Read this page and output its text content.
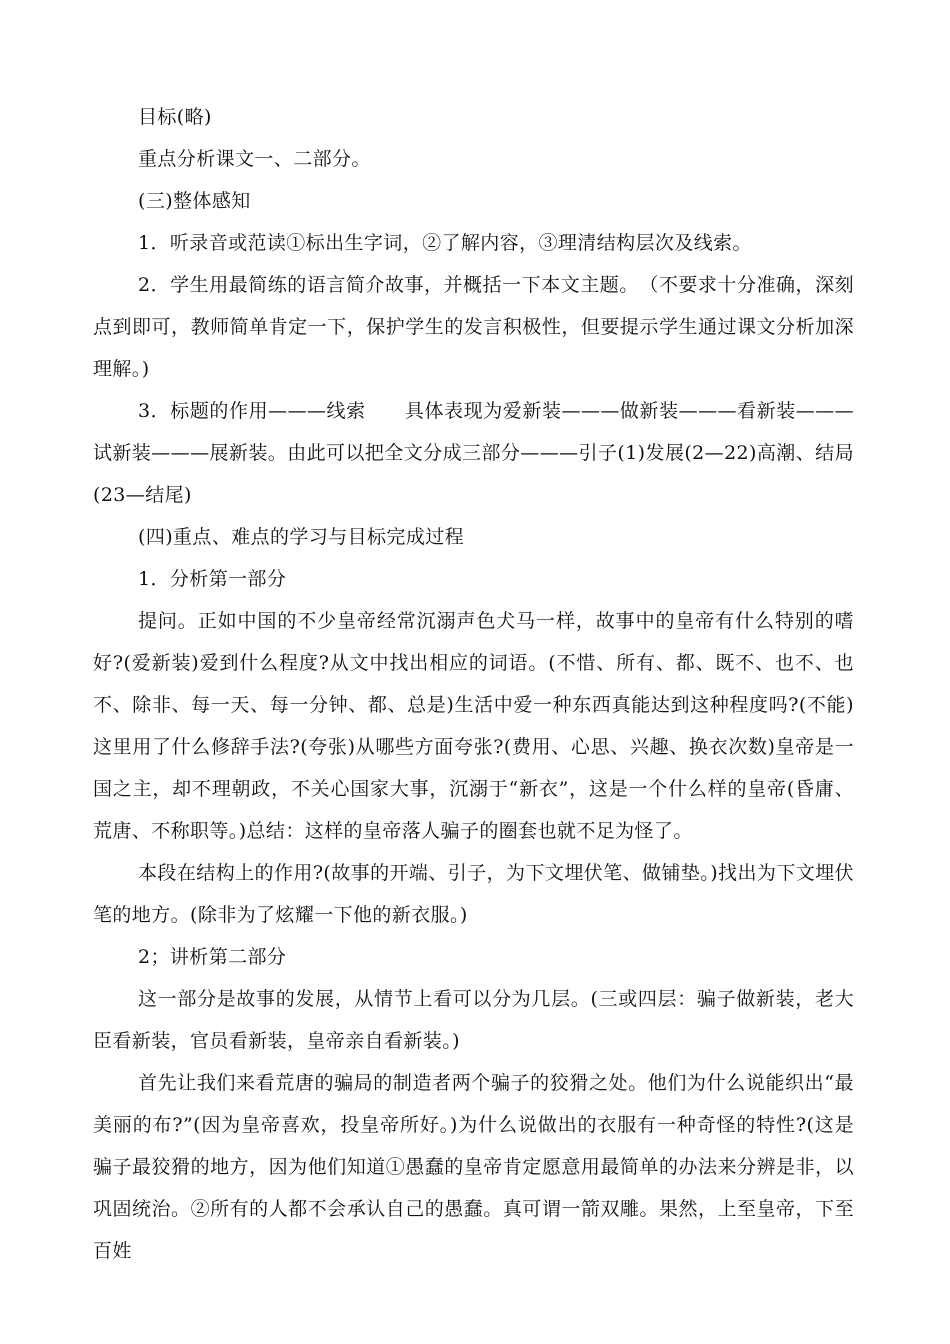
目标(略)

重点分析课文一、二部分。

(三)整体感知

1．听录音或范读①标出生字词，②了解内容，③理清结构层次及线索。

2．学生用最简练的语言简介故事，并概括一下本文主题。　（不要求十分准确，深刻点到即可，教师简单肯定一下，保护学生的发言积极性，但要提示学生通过课文分析加深理解。)

3．标题的作用———线索　　具体表现为爱新装———做新装———看新装———试新装———展新装。由此可以把全文分成三部分———引子(1)发展(2—22)高潮、结局(23—结尾)

(四)重点、难点的学习与目标完成过程

1．分析第一部分

提问。正如中国的不少皇帝经常沉溺声色犬马一样，故事中的皇帝有什么特别的嗜好?(爱新装)爱到什么程度?从文中找出相应的词语。(不惜、所有、都、既不、也不、也不、除非、每一天、每一分钟、都、总是)生活中爱一种东西真能达到这种程度吗?(不能)这里用了什么修辞手法?(夸张)从哪些方面夸张?(费用、心思、兴趣、换衣次数)皇帝是一国之主，却不理朝政，不关心国家大事，沉溺于“新衣”，这是一个什么样的皇帝(昏庸、荒唐、不称职等。)总结：这样的皇帝落人骗子的圈套也就不足为怪了。

本段在结构上的作用?(故事的开端、引子，为下文埋伏笔、做铺垫。)找出为下文埋伏笔的地方。(除非为了炫耀一下他的新衣服。)

2；讲析第二部分

这一部分是故事的发展，从情节上看可以分为几层。(三或四层：骗子做新装，老大臣看新装，官员看新装，皇帝亲自看新装。)

首先让我们来看荒唐的骗局的制造者两个骗子的狡猾之处。他们为什么说能织出“最美丽的布?”(因为皇帝喜欢，投皇帝所好。)为什么说做出的衣服有一种奇怪的特性?(这是骗子最狡猾的地方，因为他们知道①愚蠢的皇帝肯定愿意用最简单的办法来分辨是非，以巩固统治。②所有的人都不会承认自己的愚蠢。真可谓一箭双雕。果然，上至皇帝，下至百姓
